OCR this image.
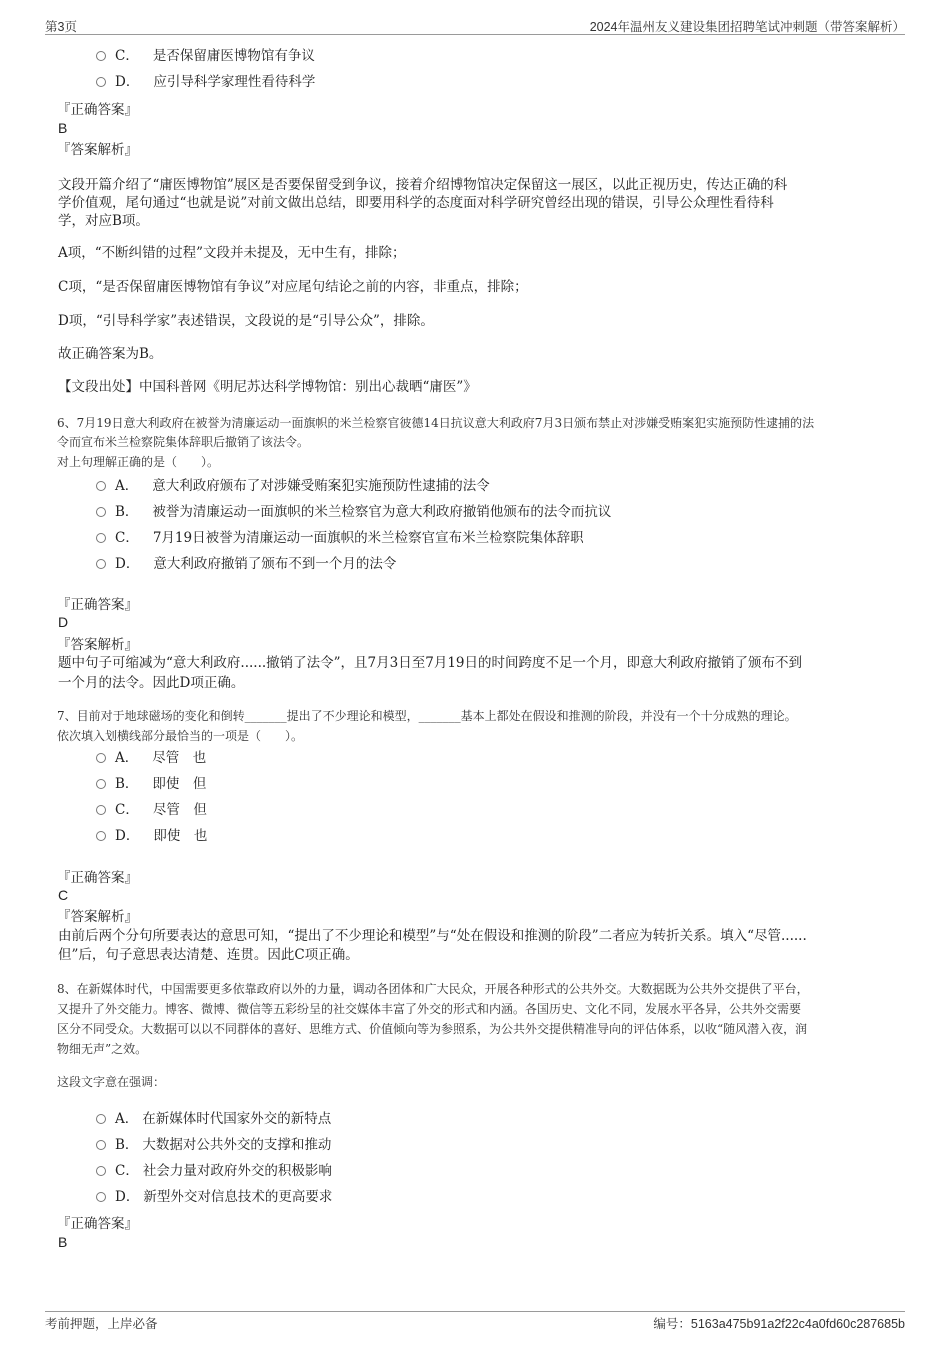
第3页	2024年温州友义建设集团招聘笔试冲刺题（带答案解析）
C． 是否保留庸医博物馆有争议
D． 应引导科学家理性看待科学
『正确答案』
B
『答案解析』
文段开篇介绍了“庸医博物馆”展区是否要保留受到争议，接着介绍博物馆决定保留这一展区，以此正视历史，传达正确的科
学价值观，尾句通过“也就是说”对前文做出总结，即要用科学的态度面对科学研究曾经出现的错误，引导公众理性看待科
学，对应B项。
A项，“不断纠错的过程”文段并未提及，无中生有，排除；
C项，“是否保留庸医博物馆有争议”对应尾句结论之前的内容，非重点，排除；
D项，“引导科学家”表述错误，文段说的是“引导公众”，排除。
故正确答案为B。
【文段出处】中国科普网《明尼苏达科学博物馆：别出心裁晒“庸医”》
6、7月19日意大利政府在被誉为清廉运动一面旗帜的米兰检察官彼德14日抗议意大利政府7月3日颁布禁止对涉嫌受贿案犯实施预防性逮捕的法
令而宣布米兰检察院集体辞职后撤销了该法令。
对上句理解正确的是（　　）。
A． 意大利政府颁布了对涉嫌受贿案犯实施预防性逮捕的法令
B． 被誉为清廉运动一面旗帜的米兰检察官为意大利政府撤销他颁布的法令而抗议
C． 7月19日被誉为清廉运动一面旗帜的米兰检察官宣布米兰检察院集体辞职
D． 意大利政府撤销了颁布不到一个月的法令
『正确答案』
D
『答案解析』
题中句子可缩减为“意大利政府......撤销了法令”，且7月3日至7月19日的时间跨度不足一个月，即意大利政府撤销了颁布不到
一个月的法令。因此D项正确。
7、目前对于地球磁场的变化和倒转_______提出了不少理论和模型，_______基本上都处在假设和推测的阶段，并没有一个十分成熟的理论。
依次填入划横线部分最恰当的一项是（　　）。
A． 尽管　也
B． 即使　但
C． 尽管　但
D． 即使　也
『正确答案』
C
『答案解析』
由前后两个分句所要表达的意思可知，“提出了不少理论和模型”与“处在假设和推测的阶段”二者应为转折关系。填入“尽管......
但”后，句子意思表达清楚、连贯。因此C项正确。
8、在新媒体时代，中国需要更多依靠政府以外的力量，调动各团体和广大民众，开展各种形式的公共外交。大数据既为公共外交提供了平台，
又提升了外交能力。博客、微博、微信等五彩纷呈的社交媒体丰富了外交的形式和内涵。各国历史、文化不同，发展水平各异，公共外交需要
区分不同受众。大数据可以以不同群体的喜好、思维方式、价值倾向等为参照系，为公共外交提供精准导向的评估体系，以收“随风潜入夜，润
物细无声”之效。
这段文字意在强调：
A． 在新媒体时代国家外交的新特点
B． 大数据对公共外交的支撑和推动
C． 社会力量对政府外交的积极影响
D． 新型外交对信息技术的更高要求
『正确答案』
B
考前押题，上岸必备	编号：5163a475b91a2f22c4a0fd60c287685b
